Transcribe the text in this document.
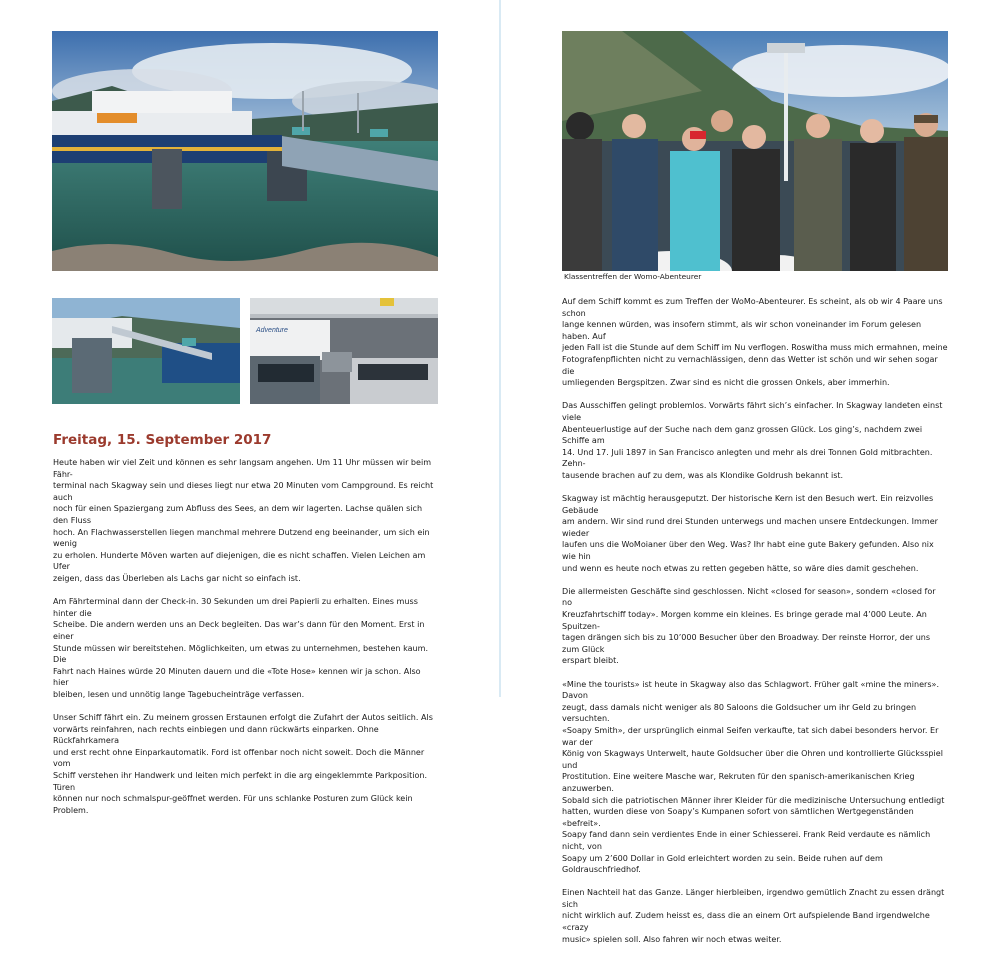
Adventure
Freitag, 15. September 2017

Heute haben wir viel Zeit und können es sehr langsam angehen. Um 11 Uhr müssen wir beim Fähr-
terminal nach Skagway sein und dieses liegt nur etwa 20 Minuten vom Campground. Es reicht auch
noch für einen Spaziergang zum Abfluss des Sees, an dem wir lagerten. Lachse quälen sich den Fluss
hoch. An Flachwasserstellen liegen manchmal mehrere Dutzend eng beeinander, um sich ein wenig
zu erholen. Hunderte Möven warten auf diejenigen, die es nicht schaffen. Vielen Leichen am Ufer
zeigen, dass das Überleben als Lachs gar nicht so einfach ist.

Am Fährterminal dann der Check-in. 30 Sekunden um drei Papierli zu erhalten. Eines muss hinter die
Scheibe. Die andern werden uns an Deck begleiten. Das war’s dann für den Moment. Erst in einer
Stunde müssen wir bereitstehen. Möglichkeiten, um etwas zu unternehmen, bestehen kaum. Die
Fahrt nach Haines würde 20 Minuten dauern und die «Tote Hose» kennen wir ja schon. Also hier
bleiben, lesen und unnötig lange Tagebucheinträge verfassen.

Unser Schiff fährt ein. Zu meinem grossen Erstaunen erfolgt die Zufahrt der Autos seitlich. Als
vorwärts reinfahren, nach rechts einbiegen und dann rückwärts einparken. Ohne Rückfahrkamera
und erst recht ohne Einparkautomatik. Ford ist offenbar noch nicht soweit. Doch die Männer vom
Schiff verstehen ihr Handwerk und leiten mich perfekt in die arg eingeklemmte Parkposition. Türen
können nur noch schmalspur-geöffnet werden. Für uns schlanke Posturen zum Glück kein Problem.

Klassentreffen der Womo-Abenteurer

Auf dem Schiff kommt es zum Treffen der WoMo-Abenteurer. Es scheint, als ob wir 4 Paare uns schon
lange kennen würden, was insofern stimmt, als wir schon voneinander im Forum gelesen haben. Auf
jeden Fall ist die Stunde auf dem Schiff im Nu verflogen. Roswitha muss mich ermahnen, meine
Fotografenpflichten nicht zu vernachlässigen, denn das Wetter ist schön und wir sehen sogar die
umliegenden Bergspitzen. Zwar sind es nicht die grossen Onkels, aber immerhin.

Das Ausschiffen gelingt problemlos. Vorwärts fährt sich’s einfacher. In Skagway landeten einst viele
Abenteuerlustige auf der Suche nach dem ganz grossen Glück. Los ging’s, nachdem zwei Schiffe am
14. Und 17. Juli 1897 in San Francisco anlegten und mehr als drei Tonnen Gold mitbrachten. Zehn-
tausende brachen auf zu dem, was als Klondike Goldrush bekannt ist.

Skagway ist mächtig herausgeputzt. Der historische Kern ist den Besuch wert. Ein reizvolles Gebäude
am andern. Wir sind rund drei Stunden unterwegs und machen unsere Entdeckungen. Immer wieder
laufen uns die WoMoianer über den Weg. Was? Ihr habt eine gute Bakery gefunden. Also nix wie hin
und wenn es heute noch etwas zu retten gegeben hätte, so wäre dies damit geschehen.

Die allermeisten Geschäfte sind geschlossen. Nicht «closed for season», sondern «closed for no
Kreuzfahrtschiff today». Morgen komme ein kleines. Es bringe gerade mal 4’000 Leute. An Spuitzen-
tagen drängen sich bis zu 10’000 Besucher über den Broadway. Der reinste Horror, der uns zum Glück
erspart bleibt.

«Mine the tourists» ist heute in Skagway also das Schlagwort. Früher galt «mine the miners». Davon
zeugt, dass damals nicht weniger als 80 Saloons die Goldsucher um ihr Geld zu bringen versuchten.
«Soapy Smith», der ursprünglich einmal Seifen verkaufte, tat sich dabei besonders hervor. Er war der
König von Skagways Unterwelt, haute Goldsucher über die Ohren und kontrollierte Glücksspiel und
Prostitution. Eine weitere Masche war, Rekruten für den spanisch-amerikanischen Krieg anzuwerben.
Sobald sich die patriotischen Männer ihrer Kleider für die medizinische Untersuchung entledigt
hatten, wurden diese von Soapy’s Kumpanen sofort von sämtlichen Wertgegenständen «befreit».
Soapy fand dann sein verdientes Ende in einer Schiesserei. Frank Reid verdaute es nämlich nicht, von
Soapy um 2’600 Dollar in Gold erleichtert worden zu sein. Beide ruhen auf dem Goldrauschfriedhof.

Einen Nachteil hat das Ganze. Länger hierbleiben, irgendwo gemütlich Znacht zu essen drängt sich
nicht wirklich auf. Zudem heisst es, dass die an einem Ort aufspielende Band irgendwelche «crazy
music» spielen soll. Also fahren wir noch etwas weiter.
